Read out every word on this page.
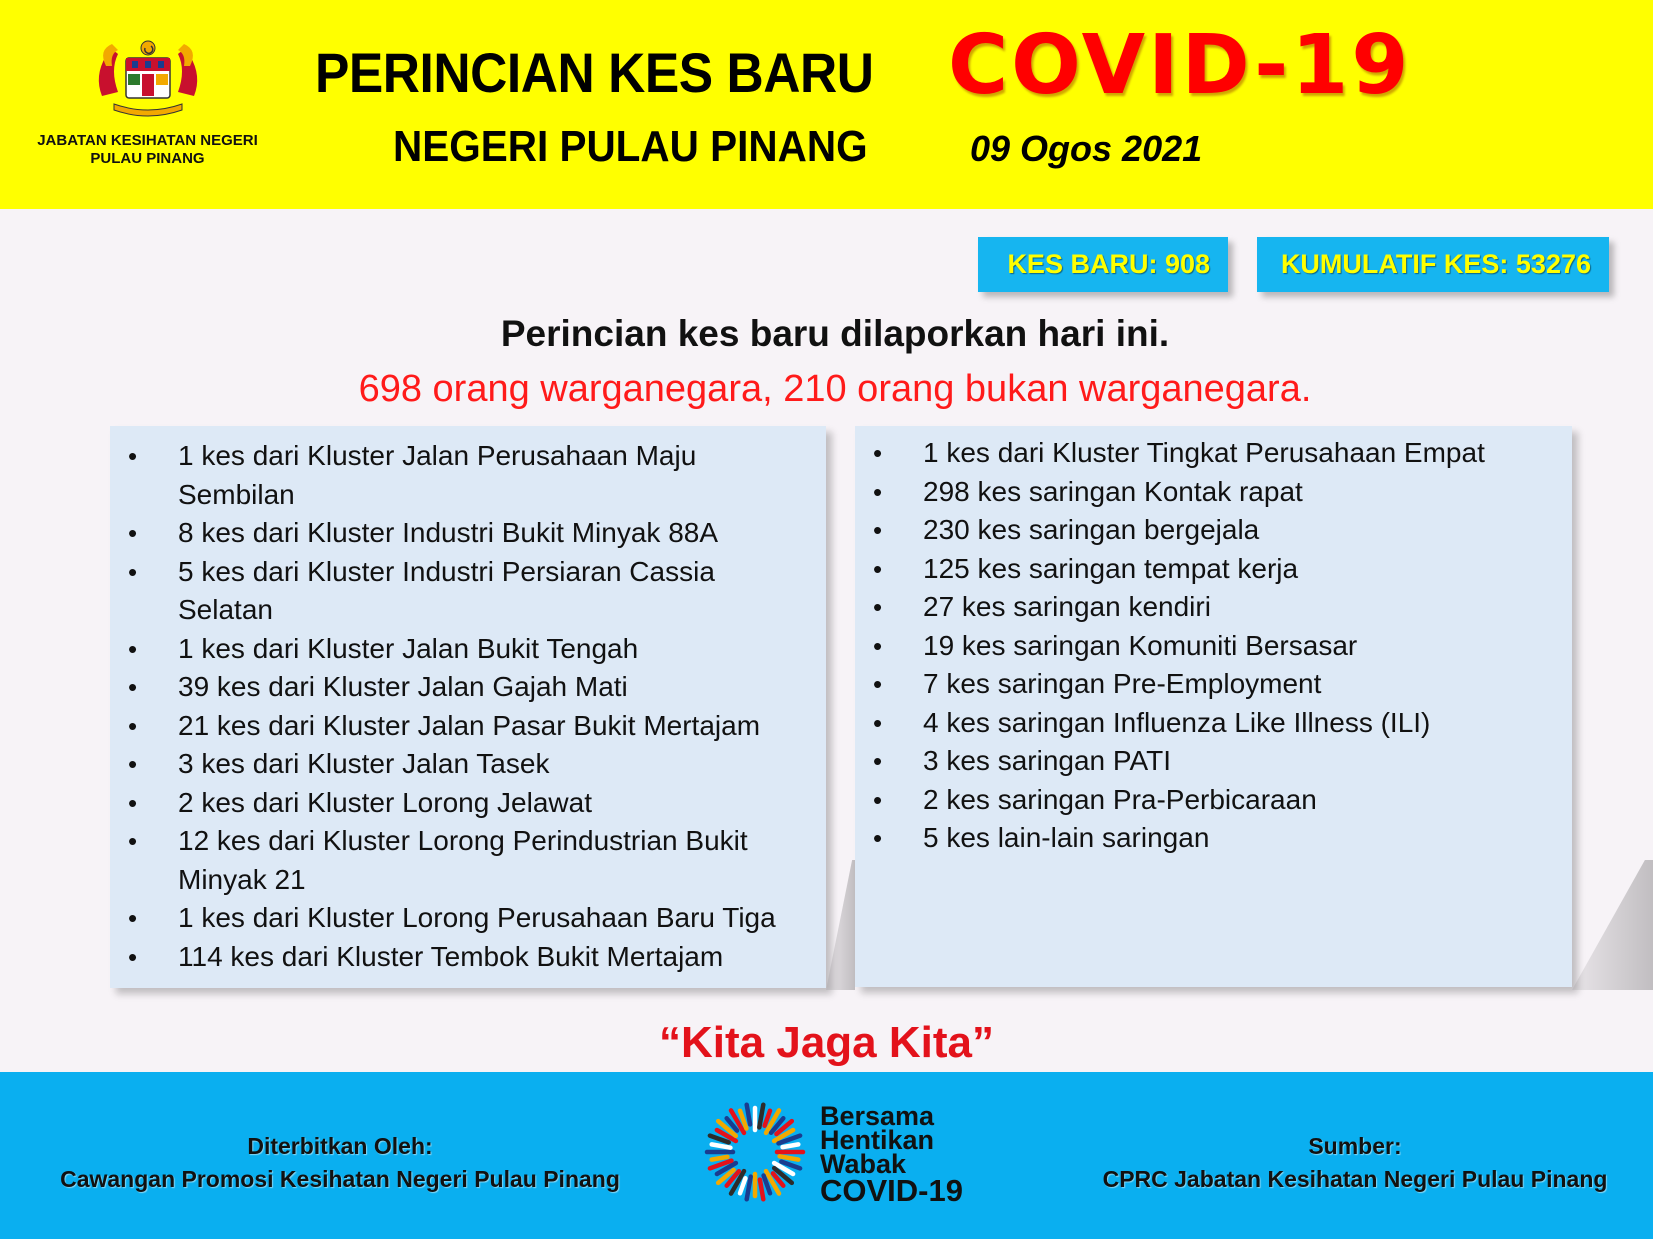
JABATAN KESIHATAN NEGERI
PULAU PINANG
PERINCIAN KES BARU COVID-19
NEGERI PULAU PINANG	09 Ogos 2021
KES BARU: 908	KUMULATIF KES: 53276
Perincian kes baru dilaporkan hari ini.
698 orang warganegara, 210 orang bukan warganegara.
• 1 kes dari Kluster Jalan Perusahaan Maju Sembilan
• 8 kes dari Kluster Industri Bukit Minyak 88A
• 5 kes dari Kluster Industri Persiaran Cassia Selatan
• 1 kes dari Kluster Jalan Bukit Tengah
• 39 kes dari Kluster Jalan Gajah Mati
• 21 kes dari Kluster Jalan Pasar Bukit Mertajam
• 3 kes dari Kluster Jalan Tasek
• 2 kes dari Kluster Lorong Jelawat
• 12 kes dari Kluster Lorong Perindustrian Bukit Minyak 21
• 1 kes dari Kluster Lorong Perusahaan Baru Tiga
• 114 kes dari Kluster Tembok Bukit Mertajam
• 1 kes dari Kluster Tingkat Perusahaan Empat
• 298 kes saringan Kontak rapat
• 230 kes saringan bergejala
• 125 kes saringan tempat kerja
• 27 kes saringan kendiri
• 19 kes saringan Komuniti Bersasar
• 7 kes saringan Pre-Employment
• 4 kes saringan Influenza Like Illness (ILI)
• 3 kes saringan PATI
• 2 kes saringan Pra-Perbicaraan
• 5 kes lain-lain saringan
“Kita Jaga Kita”
Diterbitkan Oleh:
Cawangan Promosi Kesihatan Negeri Pulau Pinang
Bersama
Hentikan
Wabak
COVID-19
Sumber:
CPRC Jabatan Kesihatan Negeri Pulau Pinang
